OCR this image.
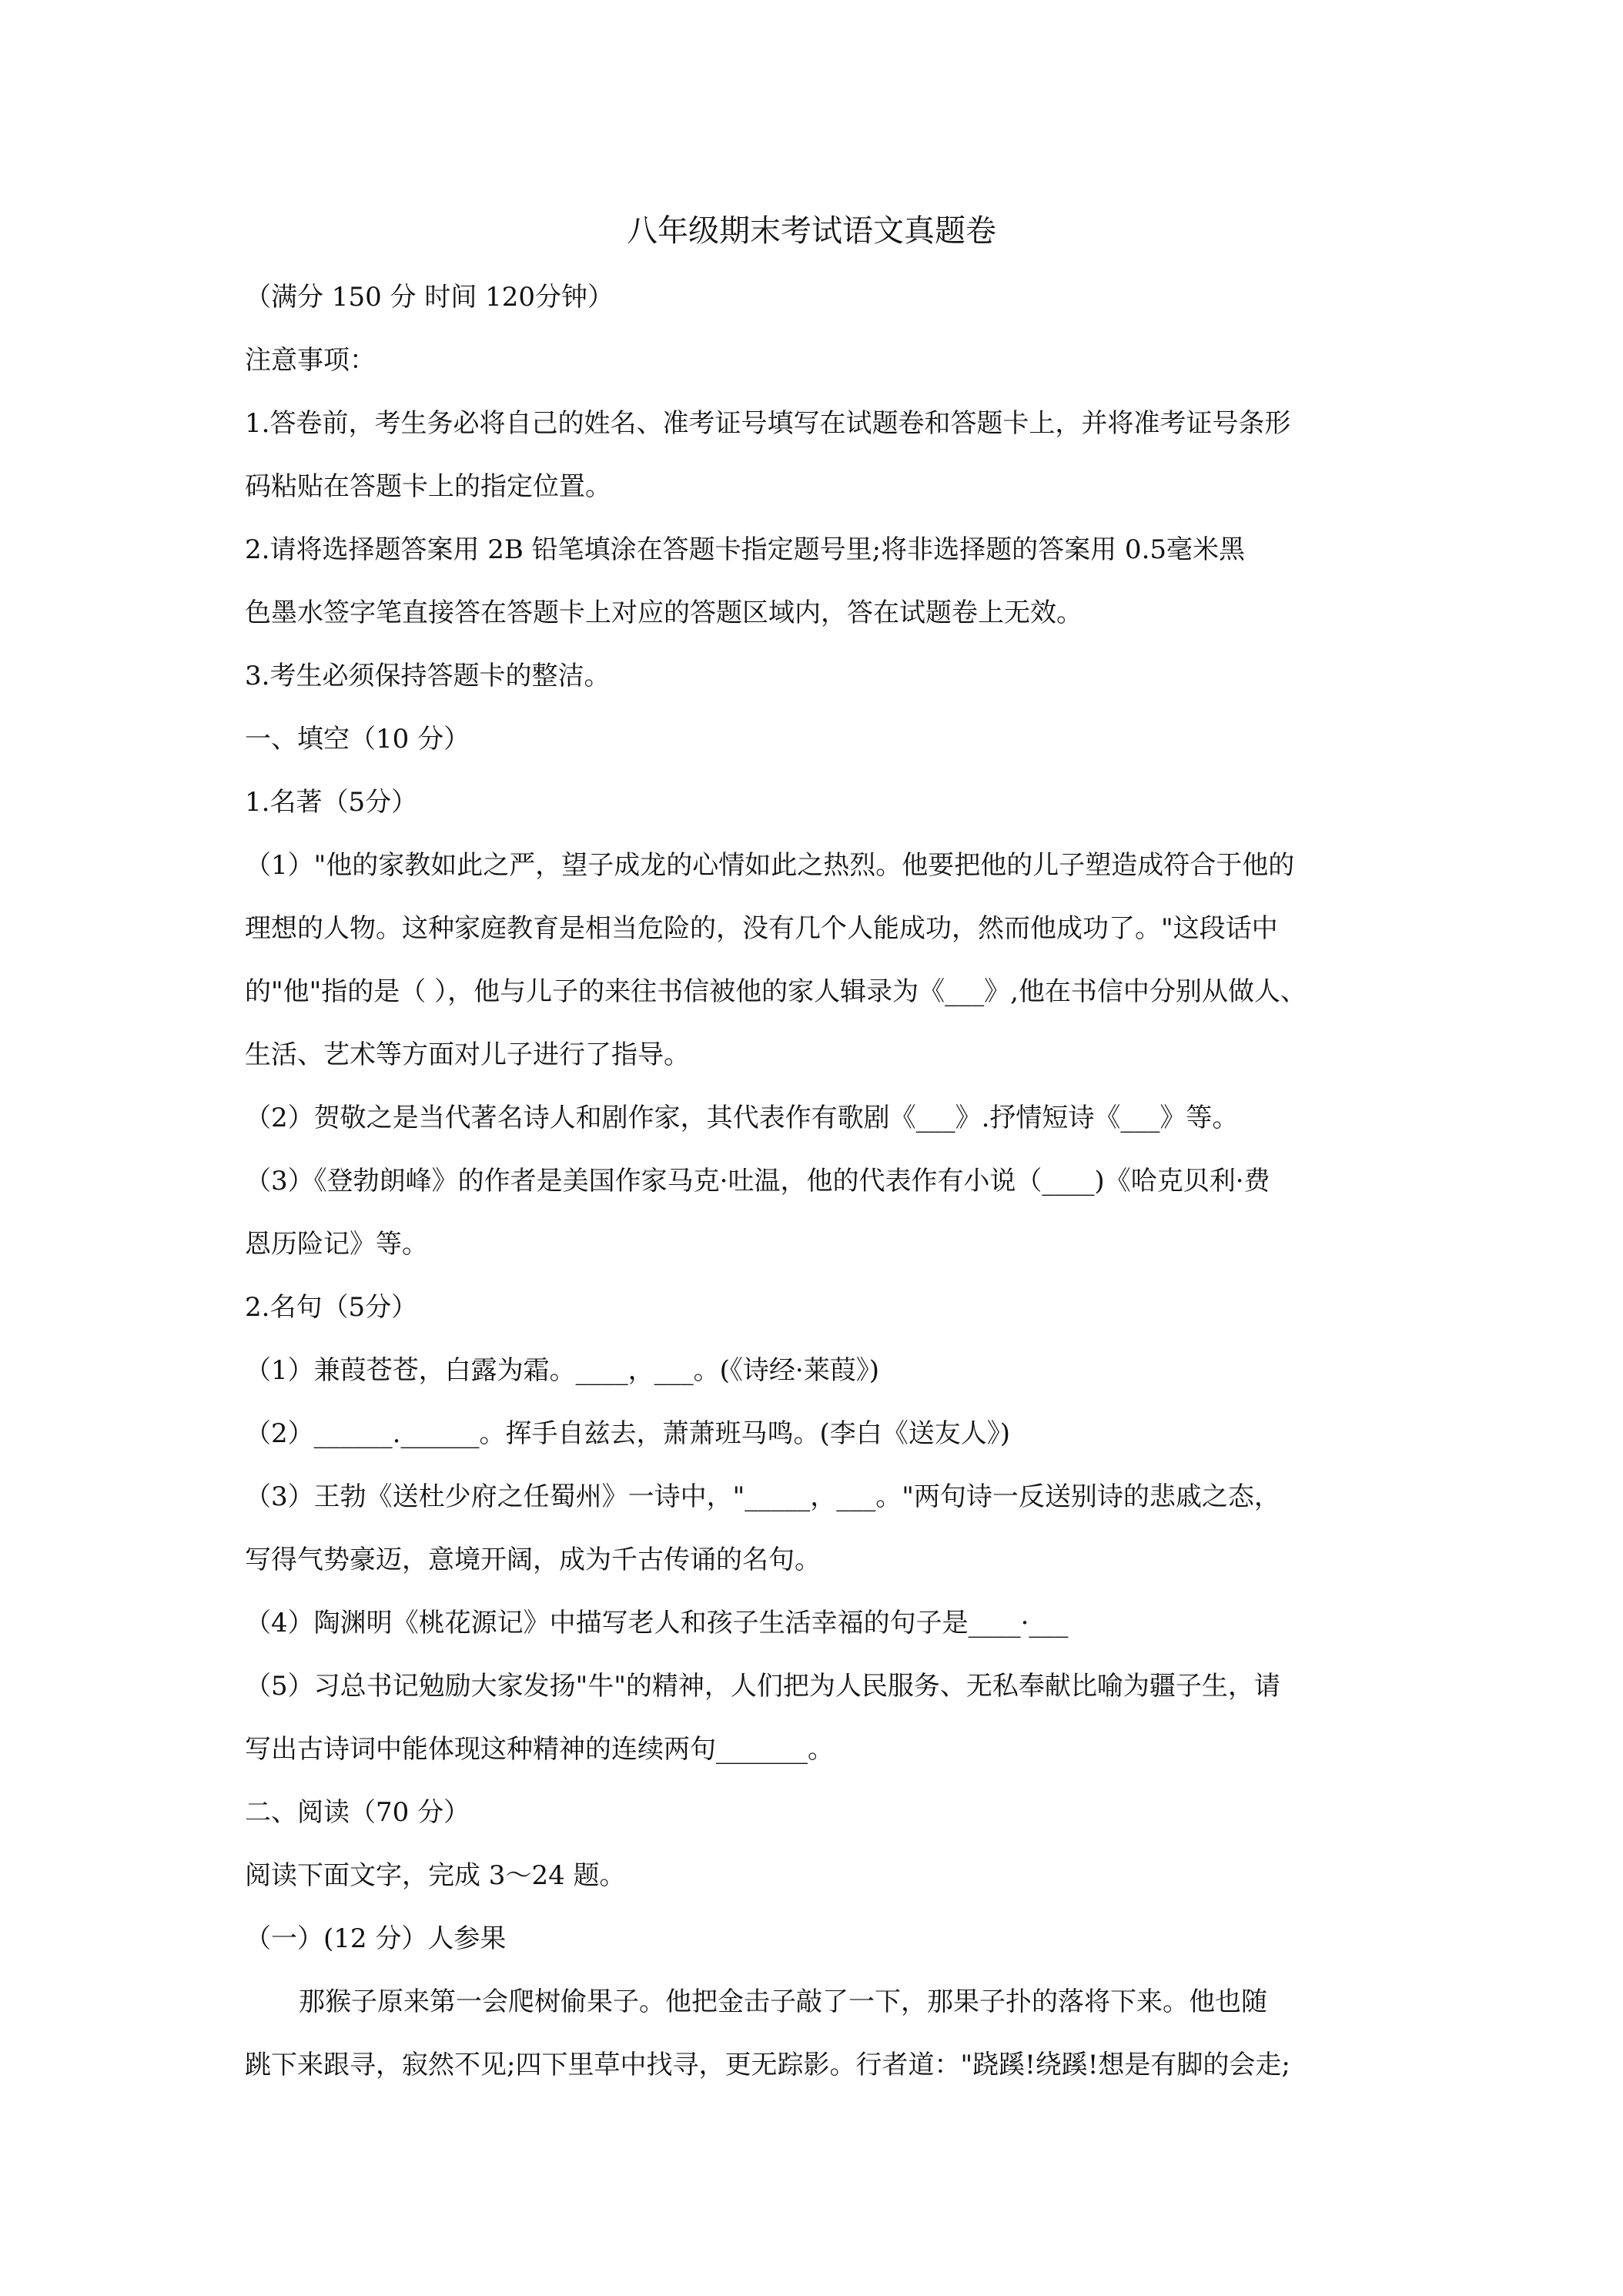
八年级期末考试语文真题卷
（满分 150 分 时间 120分钟）
注意事项：
1.答卷前，考生务必将自己的姓名、准考证号填写在试题卷和答题卡上，并将准考证号条形
码粘贴在答题卡上的指定位置。
2.请将选择题答案用 2B 铅笔填涂在答题卡指定题号里;将非选择题的答案用 0.5毫米黑
色墨水签字笔直接答在答题卡上对应的答题区域内，答在试题卷上无效。
3.考生必须保持答题卡的整洁。
一、填空（10 分）
1.名著（5分）
（1）"他的家教如此之严，望子成龙的心情如此之热烈。他要把他的儿子塑造成符合于他的
理想的人物。这种家庭教育是相当危险的，没有几个人能成功，然而他成功了。"这段话中
的"他"指的是（ ），他与儿子的来往书信被他的家人辑录为《___》,他在书信中分别从做人、
生活、艺术等方面对儿子进行了指导。
（2）贺敬之是当代著名诗人和剧作家，其代表作有歌剧《___》.抒情短诗《___》等。
（3）《登勃朗峰》的作者是美国作家马克·吐温，他的代表作有小说（____)《哈克贝利·费
恩历险记》等。
2.名句（5分）
（1）兼葭苍苍，白露为霜。____，___。(《诗经·莱葭》)
（2）______.______。挥手自兹去，萧萧班马鸣。(李白《送友人》)
（3）王勃《送杜少府之任蜀州》一诗中，"_____，___。"两句诗一反送别诗的悲戚之态，
写得气势豪迈，意境开阔，成为千古传诵的名句。
（4）陶渊明《桃花源记》中描写老人和孩子生活幸福的句子是____·___
（5）习总书记勉励大家发扬"牛"的精神，人们把为人民服务、无私奉献比喻为疆子生，请
写出古诗词中能体现这种精神的连续两句_______。
二、阅读（70 分）
阅读下面文字，完成 3～24 题。
（一）(12 分）人参果
那猴子原来第一会爬树偷果子。他把金击子敲了一下，那果子扑的落将下来。他也随
跳下来跟寻，寂然不见;四下里草中找寻，更无踪影。行者道："跷蹊!绕蹊!想是有脚的会走;
